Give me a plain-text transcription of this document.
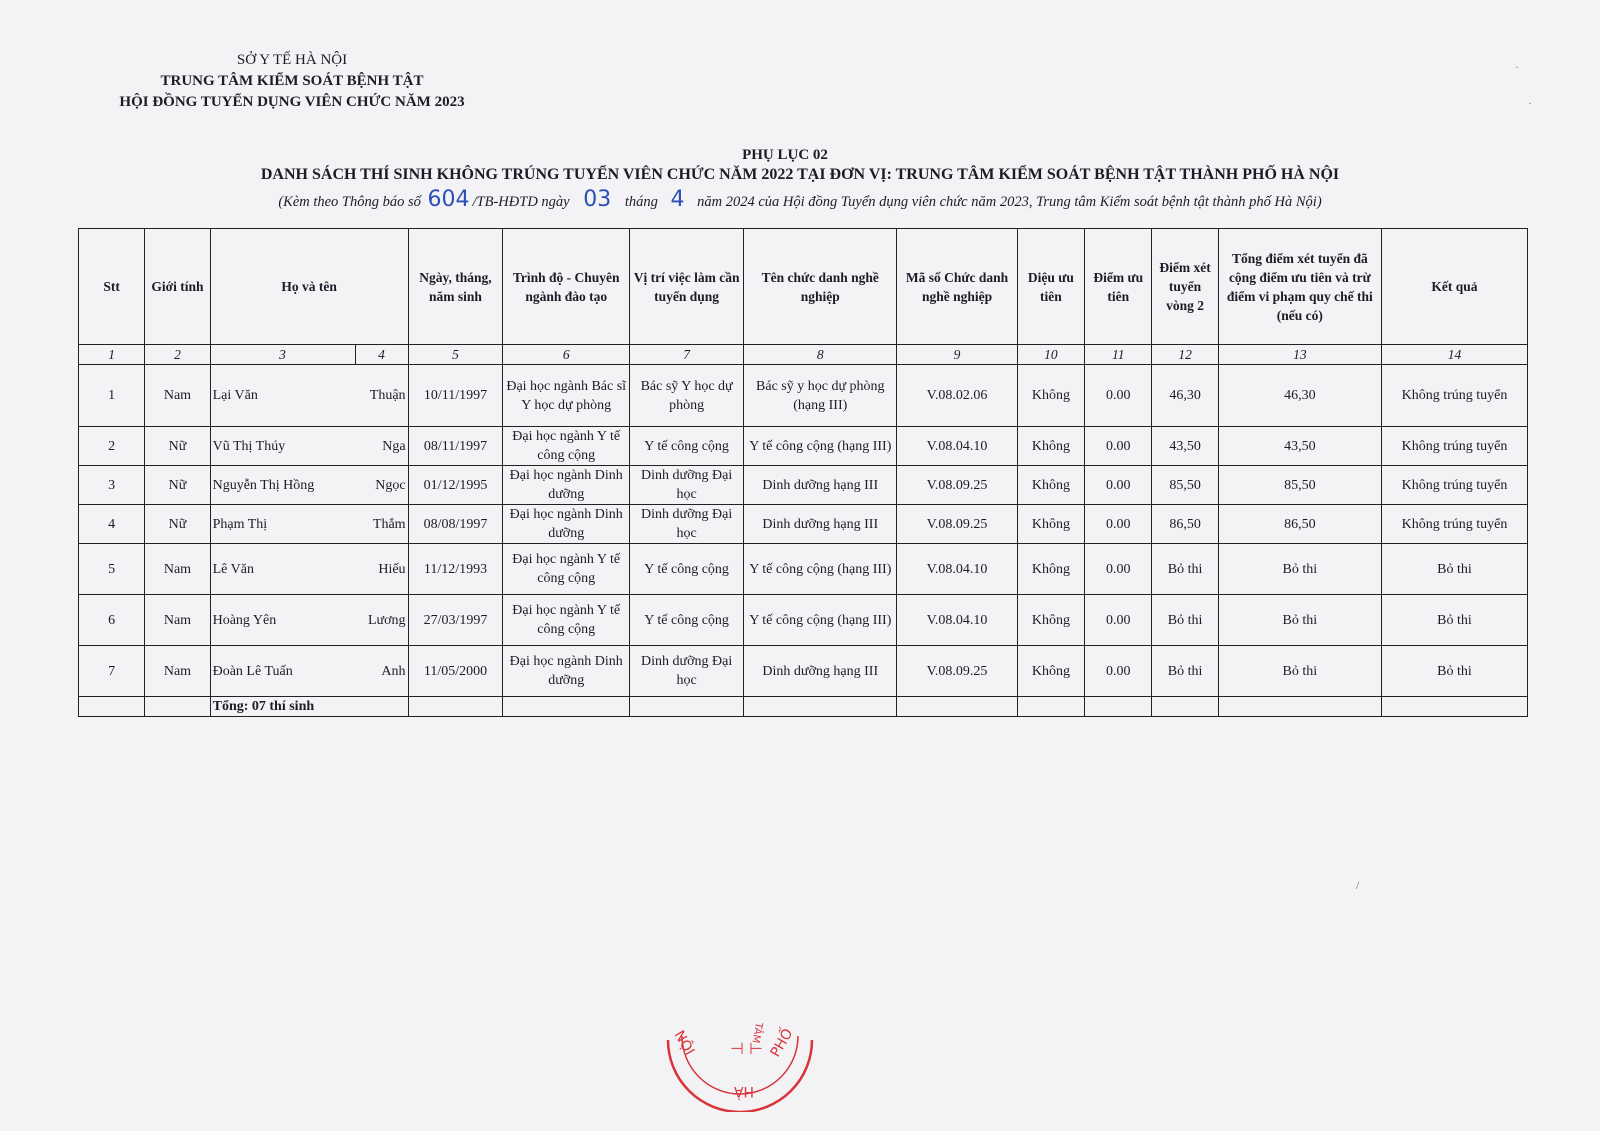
SỞ Y TẾ HÀ NỘI
TRUNG TÂM KIỂM SOÁT BỆNH TẬT
HỘI ĐỒNG TUYỂN DỤNG VIÊN CHỨC NĂM 2023
PHỤ LỤC 02
DANH SÁCH THÍ SINH KHÔNG TRÚNG TUYỂN VIÊN CHỨC NĂM 2022 TẠI ĐƠN VỊ: TRUNG TÂM KIỂM SOÁT BỆNH TẬT THÀNH PHỐ HÀ NỘI
(Kèm theo Thông báo số 604 /TB-HĐTD ngày 03 tháng 4 năm 2024 của Hội đồng Tuyển dụng viên chức năm 2023, Trung tâm Kiểm soát bệnh tật thành phố Hà Nội)
Stt	Giới tính	Họ và tên		Ngày, tháng, năm sinh	Trình độ - Chuyên ngành đào tạo	Vị trí việc làm cần tuyển dụng	Tên chức danh nghề nghiệp	Mã số Chức danh nghề nghiệp	Diệu ưu tiên	Điểm ưu tiên	Điểm xét tuyển vòng 2	Tổng điểm xét tuyển đã cộng điểm ưu tiên và trừ điểm vi phạm quy chế thi (nếu có)	Kết quả
1	2	3	4	5	6	7	8	9	10	11	12	13	14
1	Nam	Lại Văn	Thuận	10/11/1997	Đại học ngành Bác sĩ Y học dự phòng	Bác sỹ Y học dự phòng	Bác sỹ y học dự phòng (hạng III)	V.08.02.06	Không	0.00	46,30	46,30	Không trúng tuyển
2	Nữ	Vũ Thị Thúy	Nga	08/11/1997	Đại học ngành Y tế công cộng	Y tế công cộng	Y tế công cộng (hạng III)	V.08.04.10	Không	0.00	43,50	43,50	Không trúng tuyển
3	Nữ	Nguyễn Thị Hồng	Ngọc	01/12/1995	Đại học ngành Dinh dưỡng	Dinh dưỡng Đại học	Dinh dưỡng hạng III	V.08.09.25	Không	0.00	85,50	85,50	Không trúng tuyển
4	Nữ	Phạm Thị	Thắm	08/08/1997	Đại học ngành Dinh dưỡng	Dinh dưỡng Đại học	Dinh dưỡng hạng III	V.08.09.25	Không	0.00	86,50	86,50	Không trúng tuyển
5	Nam	Lê Văn	Hiếu	11/12/1993	Đại học ngành Y tế công cộng	Y tế công cộng	Y tế công cộng (hạng III)	V.08.04.10	Không	0.00	Bỏ thi	Bỏ thi	Bỏ thi
6	Nam	Hoàng Yên	Lương	27/03/1997	Đại học ngành Y tế công cộng	Y tế công cộng	Y tế công cộng (hạng III)	V.08.04.10	Không	0.00	Bỏ thi	Bỏ thi	Bỏ thi
7	Nam	Đoàn Lê Tuấn	Anh	11/05/2000	Đại học ngành Dinh dưỡng	Dinh dưỡng Đại học	Dinh dưỡng hạng III	V.08.09.25	Không	0.00	Bỏ thi	Bỏ thi	Bỏ thi
		Tổng: 07 thí sinh											
NỘI	PHỐ
HÀ
TÂM
⊣ ⊢
·
·
/
